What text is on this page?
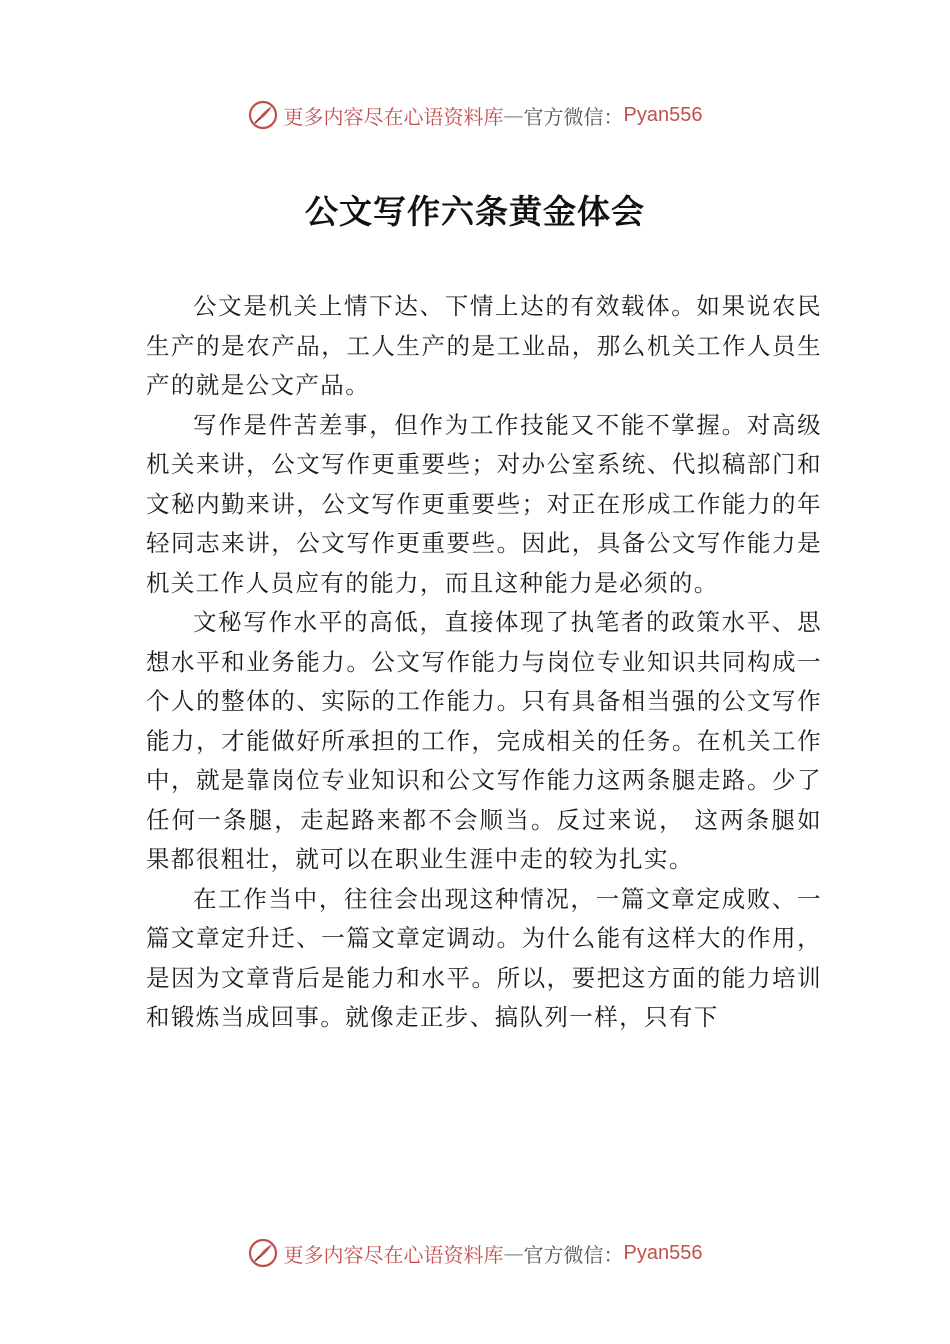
更多内容尽在心语资料库 — 官方微信： Pyan556
公文写作六条黄金体会

公文是机关上情下达、下情上达的有效载体。如果说农民生产的是农产品，工人生产的是工业品，那么机关工作人员生产的就是公文产品。

写作是件苦差事，但作为工作技能又不能不掌握。对高级机关来讲，公文写作更重要些；对办公室系统、代拟稿部门和文秘内勤来讲，公文写作更重要些；对正在形成工作能力的年轻同志来讲，公文写作更重要些。因此，具备公文写作能力是机关工作人员应有的能力，而且这种能力是必须的。

文秘写作水平的高低，直接体现了执笔者的政策水平、思想水平和业务能力。公文写作能力与岗位专业知识共同构成一个人的整体的、实际的工作能力。只有具备相当强的公文写作能力，才能做好所承担的工作，完成相关的任务。在机关工作中，就是靠岗位专业知识和公文写作能力这两条腿走路。少了任何一条腿，走起路来都不会顺当。反过来说， 这两条腿如果都很粗壮，就可以在职业生涯中走的较为扎实。

在工作当中，往往会出现这种情况，一篇文章定成败、一篇文章定升迁、一篇文章定调动。为什么能有这样大的作用，是因为文章背后是能力和水平。所以，要把这方面的能力培训和锻炼当成回事。就像走正步、搞队列一样，只有下

更多内容尽在心语资料库 — 官方微信： Pyan556
